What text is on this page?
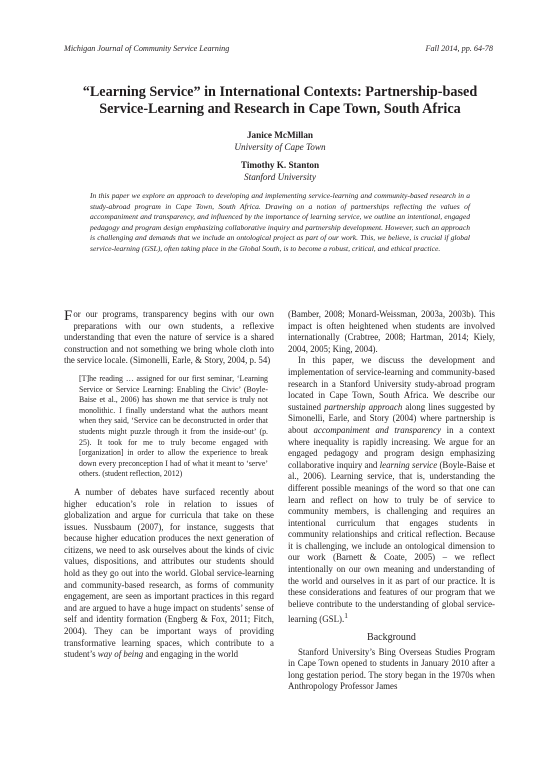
Michigan Journal of Community Service Learning	Fall 2014, pp. 64-78
“Learning Service” in International Contexts: Partnership-based
Service-Learning and Research in Cape Town, South Africa
Janice McMillan
University of Cape Town
Timothy K. Stanton
Stanford University
In this paper we explore an approach to developing and implementing service-learning and community-based research in a study-abroad program in Cape Town, South Africa. Drawing on a notion of partnerships reflecting the values of accompaniment and transparency, and influenced by the importance of learning service, we outline an intentional, engaged pedagogy and program design emphasizing collaborative inquiry and partnership development. However, such an approach is challenging and demands that we include an ontological project as part of our work. This, we believe, is crucial if global service-learning (GSL), often taking place in the Global South, is to become a robust, critical, and ethical practice.

For our programs, transparency begins with our own preparations with our own students, a reflexive understanding that even the nature of service is a shared construction and not something we bring whole cloth into the service locale. (Simonelli, Earle, & Story, 2004, p. 54)

[T]he reading … assigned for our first seminar, ‘Learning Service or Service Learning: Enabling the Civic’ (Boyle-Baise et al., 2006) has shown me that service is truly not monolithic. I finally understand what the authors meant when they said, ‘Service can be deconstructed in order that students might puzzle through it from the inside-out’ (p. 25). It took for me to truly become engaged with [organization] in order to allow the experience to break down every preconception I had of what it meant to ‘serve’ others. (student reflection, 2012)

A number of debates have surfaced recently about higher education’s role in relation to issues of globalization and argue for curricula that take on these issues. Nussbaum (2007), for instance, suggests that because higher education produces the next generation of citizens, we need to ask ourselves about the kinds of civic values, dispositions, and attributes our students should hold as they go out into the world. Global service-learning and community-based research, as forms of community engagement, are seen as important practices in this regard and are argued to have a huge impact on students’ sense of self and identity formation (Engberg & Fox, 2011; Fitch, 2004). They can be important ways of providing transformative learning spaces, which contribute to a student’s way of being and engaging in the world

(Bamber, 2008; Monard-Weissman, 2003a, 2003b). This impact is often heightened when students are involved internationally (Crabtree, 2008; Hartman, 2014; Kiely, 2004, 2005; King, 2004).

In this paper, we discuss the development and implementation of service-learning and community-based research in a Stanford University study-abroad program located in Cape Town, South Africa. We describe our sustained partnership approach along lines suggested by Simonelli, Earle, and Story (2004) where partnership is about accompaniment and transparency in a context where inequality is rapidly increasing. We argue for an engaged pedagogy and program design emphasizing collaborative inquiry and learning service (Boyle-Baise et al., 2006). Learning service, that is, understanding the different possible meanings of the word so that one can learn and reflect on how to truly be of service to community members, is challenging and requires an intentional curriculum that engages students in community relationships and critical reflection. Because it is challenging, we include an ontological dimension to our work (Barnett & Coate, 2005) – we reflect intentionally on our own meaning and understanding of the world and ourselves in it as part of our practice. It is these considerations and features of our program that we believe contribute to the understanding of global service-learning (GSL).$^1$

Background

Stanford University’s Bing Overseas Studies Program in Cape Town opened to students in January 2010 after a long gestation period. The story began in the 1970s when Anthropology Professor James
